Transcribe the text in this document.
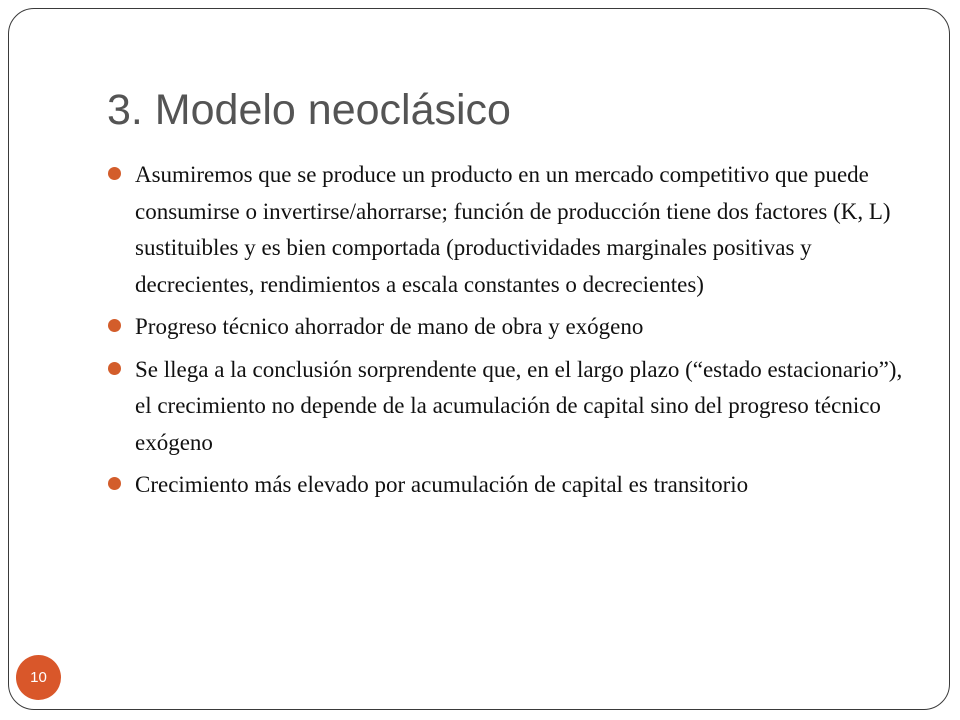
3. Modelo neoclásico
Asumiremos que se produce un producto en un mercado competitivo que puede consumirse o invertirse/ahorrarse; función de producción tiene dos factores (K, L) sustituibles y es bien comportada (productividades marginales positivas y decrecientes, rendimientos a escala constantes o decrecientes)
Progreso técnico ahorrador de mano de obra y exógeno
Se llega a la conclusión sorprendente que, en el largo plazo (“estado estacionario”), el crecimiento no depende de la acumulación de capital sino del progreso técnico exógeno
Crecimiento más elevado por acumulación de capital es transitorio
10
